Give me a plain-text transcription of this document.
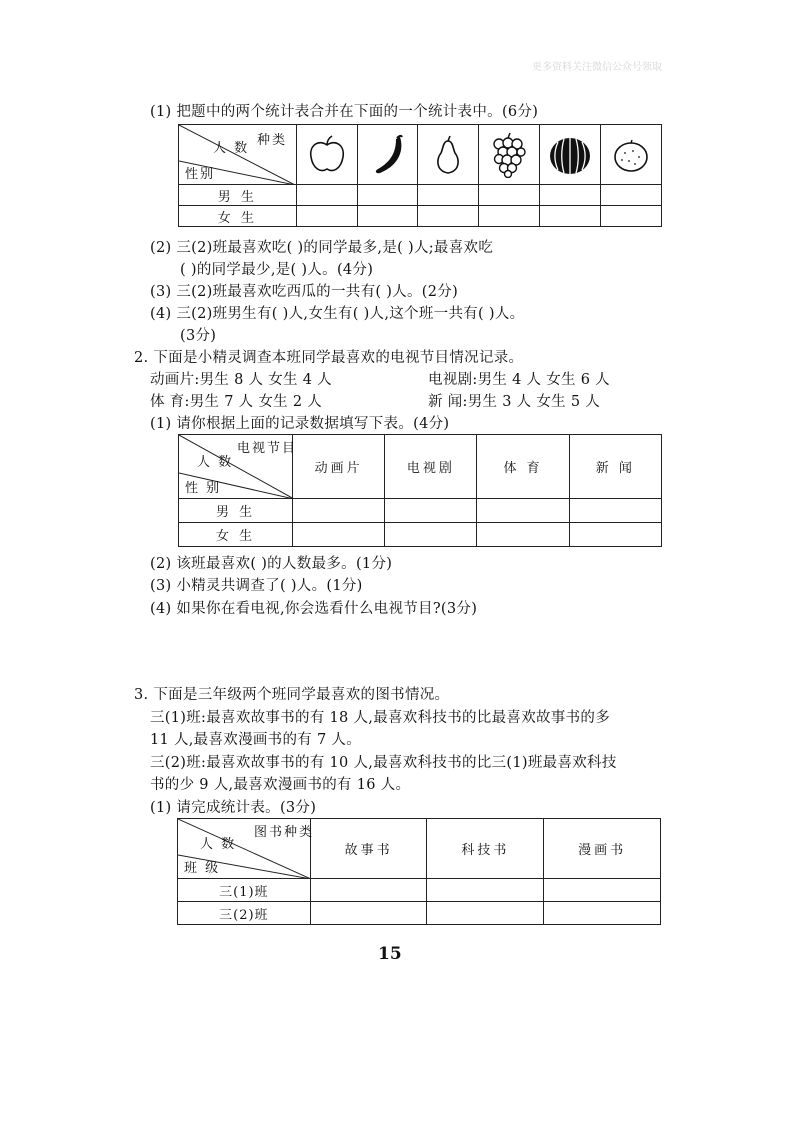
更多资料关注微信公众号领取
(1) 把题中的两个统计表合并在下面的一个统计表中。(6分)
种类
人 数
性别

男 生						
女 生						
(2) 三(2)班最喜欢吃( )的同学最多,是( )人;最喜欢吃
( )的同学最少,是( )人。(4分)
(3) 三(2)班最喜欢吃西瓜的一共有( )人。(2分)
(4) 三(2)班男生有( )人,女生有( )人,这个班一共有( )人。
(3分)
2. 下面是小精灵调查本班同学最喜欢的电视节目情况记录。
动画片:男生 8 人 女生 4 人	电视剧:男生 4 人 女生 6 人
体 育:男生 7 人 女生 2 人	新 闻:男生 3 人 女生 5 人
(1) 请你根据上面的记录数据填写下表。(4分)
电视节目
人 数
性 别	动画片	电视剧	体 育	新 闻
男 生				
女 生				
(2) 该班最喜欢( )的人数最多。(1分)
(3) 小精灵共调查了( )人。(1分)
(4) 如果你在看电视,你会选看什么电视节目?(3分)
3. 下面是三年级两个班同学最喜欢的图书情况。
三(1)班:最喜欢故事书的有 18 人,最喜欢科技书的比最喜欢故事书的多
11 人,最喜欢漫画书的有 7 人。
三(2)班:最喜欢故事书的有 10 人,最喜欢科技书的比三(1)班最喜欢科技
书的少 9 人,最喜欢漫画书的有 16 人。
(1) 请完成统计表。(3分)
图书种类
人 数
班 级	故事书	科技书	漫画书
三(1)班			
三(2)班			
15
